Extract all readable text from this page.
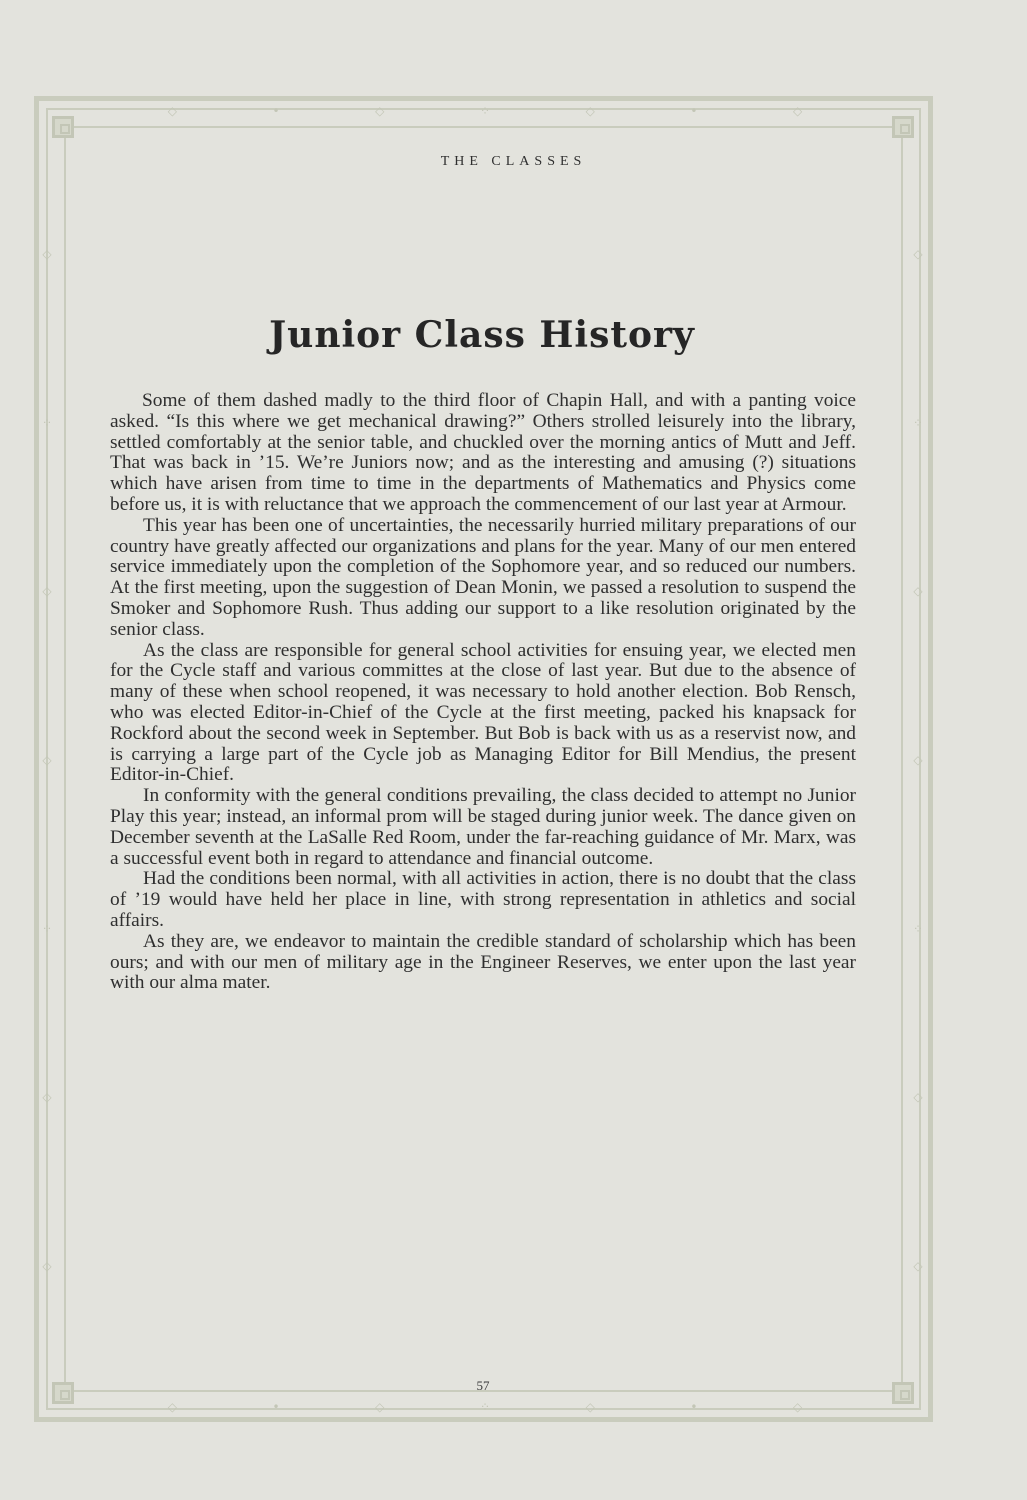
◇	•	◇	⁘	◇	•	◇
◇	•	◇	⁘	◇	•	◇
◇
⁘
◇
◇
⁘
◇
◇
◇
⁘
◇
◇
⁘
◇
◇
THE CLASSES
Junior Class History

Some of them dashed madly to the third floor of Chapin Hall, and with a panting voice asked. “Is this where we get mechanical drawing?” Others strolled leisurely into the library, settled comfortably at the senior table, and chuckled over the morning antics of Mutt and Jeff. That was back in ’15. We’re Juniors now; and as the interesting and amusing (?) situations which have arisen from time to time in the departments of Mathematics and Physics come before us, it is with reluctance that we approach the commencement of our last year at Armour.

This year has been one of uncertainties, the necessarily hurried military preparations of our country have greatly affected our organizations and plans for the year. Many of our men entered service immediately upon the completion of the Sophomore year, and so reduced our numbers. At the first meeting, upon the suggestion of Dean Monin, we passed a resolution to suspend the Smoker and Sophomore Rush. Thus adding our support to a like resolution originated by the senior class.

As the class are responsible for general school activities for ensuing year, we elected men for the Cycle staff and various committes at the close of last year. But due to the absence of many of these when school reopened, it was necessary to hold another election. Bob Rensch, who was elected Editor-in-Chief of the Cycle at the first meeting, packed his knapsack for Rockford about the second week in September. But Bob is back with us as a reservist now, and is carrying a large part of the Cycle job as Managing Editor for Bill Mendius, the present Editor-in-Chief.

In conformity with the general conditions prevailing, the class decided to attempt no Junior Play this year; instead, an informal prom will be staged during junior week. The dance given on December seventh at the LaSalle Red Room, under the far-reaching guidance of Mr. Marx, was a successful event both in regard to attendance and financial outcome.

Had the conditions been normal, with all activities in action, there is no doubt that the class of ’19 would have held her place in line, with strong representation in athletics and social affairs.

As they are, we endeavor to maintain the credible standard of scholarship which has been ours; and with our men of military age in the Engineer Reserves, we enter upon the last year with our alma mater.

57
